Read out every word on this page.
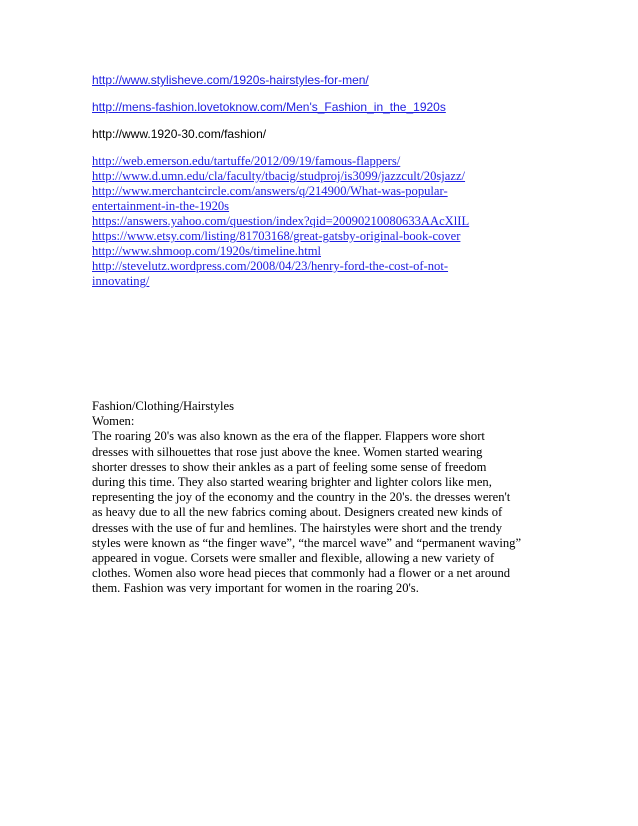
http://www.stylisheve.com/1920s-hairstyles-for-men/
http://mens-fashion.lovetoknow.com/Men's_Fashion_in_the_1920s
http://www.1920-30.com/fashion/
http://web.emerson.edu/tartuffe/2012/09/19/famous-flappers/
http://www.d.umn.edu/cla/faculty/tbacig/studproj/is3099/jazzcult/20sjazz/
http://www.merchantcircle.com/answers/q/214900/What-was-popular-
entertainment-in-the-1920s
https://answers.yahoo.com/question/index?qid=20090210080633AAcXlIL
https://www.etsy.com/listing/81703168/great-gatsby-original-book-cover
http://www.shmoop.com/1920s/timeline.html
http://stevelutz.wordpress.com/2008/04/23/henry-ford-the-cost-of-not-
innovating/
Fashion/Clothing/Hairstyles
Women:
The roaring 20's was also known as the era of the flapper. Flappers wore short
dresses with silhouettes that rose just above the knee. Women started wearing
shorter dresses to show their ankles as a part of feeling some sense of freedom
during this time. They also started wearing brighter and lighter colors like men,
representing the joy of the economy and the country in the 20's. the dresses weren't
as heavy due to all the new fabrics coming about. Designers created new kinds of
dresses with the use of fur and hemlines. The hairstyles were short and the trendy
styles were known as “the finger wave”, “the marcel wave” and “permanent waving”
appeared in vogue. Corsets were smaller and flexible, allowing a new variety of
clothes. Women also wore head pieces that commonly had a flower or a net around
them. Fashion was very important for women in the roaring 20's.
